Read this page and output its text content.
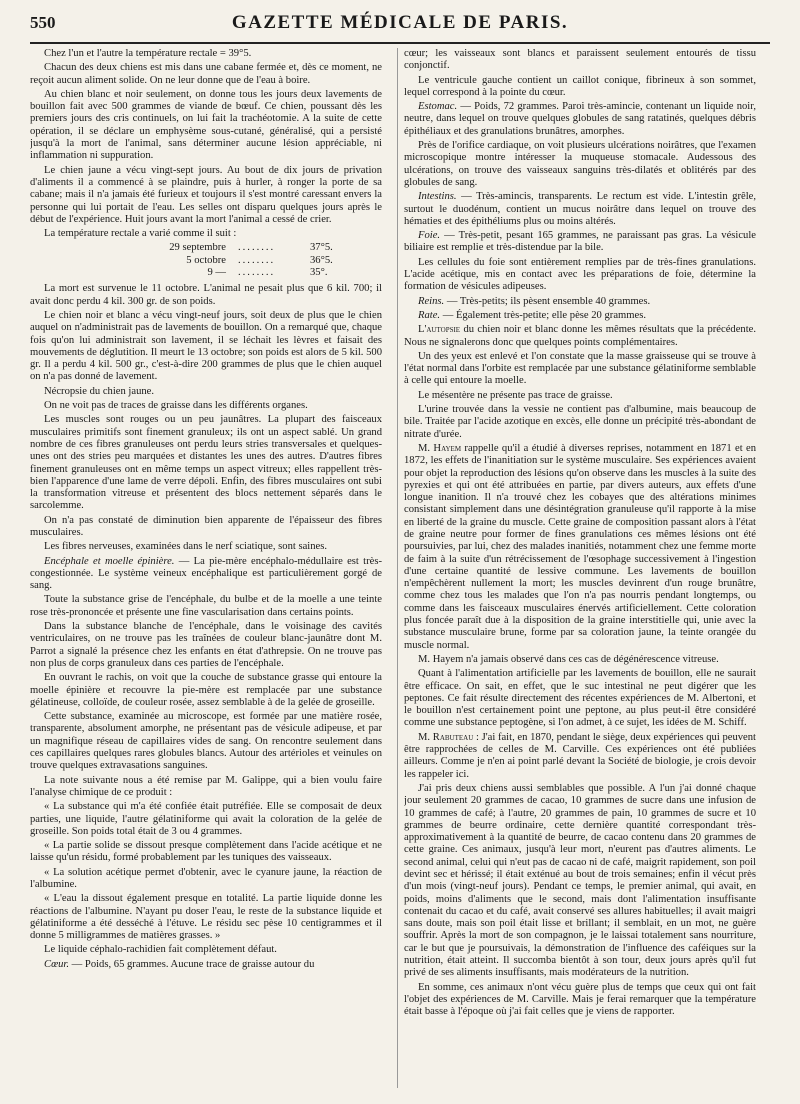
550	GAZETTE MÉDICALE DE PARIS.

Chez l'un et l'autre la température rectale = 39°5.

Chacun des deux chiens est mis dans une cabane fermée et, dès ce moment, ne reçoit aucun aliment solide. On ne leur donne que de l'eau à boire.

Au chien blanc et noir seulement, on donne tous les jours deux lavements de bouillon fait avec 500 grammes de viande de bœuf. Ce chien, poussant dès les premiers jours des cris continuels, on lui fait la trachéotomie. A la suite de cette opération, il se déclare un emphysème sous-cutané, généralisé, qui a persisté jusqu'à la mort de l'animal, sans déterminer aucune lésion appréciable, ni inflammation ni suppuration.

Le chien jaune a vécu vingt-sept jours. Au bout de dix jours de privation d'aliments il a commencé à se plaindre, puis à hurler, à ronger la porte de sa cabane; mais il n'a jamais été furieux et toujours il s'est montré caressant envers la personne qui lui portait de l'eau. Les selles ont disparu quelques jours après le début de l'expérience. Huit jours avant la mort l'animal a cessé de crier.

La température rectale a varié comme il suit :

29 septembre	........	37°5.
5 octobre	........	36°5.
9 —	........	35°.

La mort est survenue le 11 octobre. L'animal ne pesait plus que 6 kil. 700; il avait donc perdu 4 kil. 300 gr. de son poids.

Le chien noir et blanc a vécu vingt-neuf jours, soit deux de plus que le chien auquel on n'administrait pas de lavements de bouillon. On a remarqué que, chaque fois qu'on lui administrait son lavement, il se léchait les lèvres et faisait des mouvements de déglutition. Il meurt le 13 octobre; son poids est alors de 5 kil. 500 gr. Il a perdu 4 kil. 500 gr., c'est-à-dire 200 grammes de plus que le chien auquel on n'a pas donné de lavement.

Nécropsie du chien jaune.

On ne voit pas de traces de graisse dans les différents organes.

Les muscles sont rouges ou un peu jaunâtres. La plupart des faisceaux musculaires primitifs sont finement granuleux; ils ont un aspect sablé. Un grand nombre de ces fibres granuleuses ont perdu leurs stries transversales et quelques-unes ont des stries peu marquées et distantes les unes des autres. D'autres fibres finement granuleuses ont en même temps un aspect vitreux; elles rappellent très-bien l'apparence d'une lame de verre dépoli. Enfin, des fibres musculaires ont subi la transformation vitreuse et présentent des blocs nettement séparés dans le sarcolemme.

On n'a pas constaté de diminution bien apparente de l'épaisseur des fibres musculaires.

Les fibres nerveuses, examinées dans le nerf sciatique, sont saines.

Encéphale et moelle épinière. — La pie-mère encéphalo-médullaire est très-congestionnée. Le système veineux encéphalique est particulièrement gorgé de sang.

Toute la substance grise de l'encéphale, du bulbe et de la moelle a une teinte rose très-prononcée et présente une fine vascularisation dans certains points.

Dans la substance blanche de l'encéphale, dans le voisinage des cavités ventriculaires, on ne trouve pas les traînées de couleur blanc-jaunâtre dont M. Parrot a signalé la présence chez les enfants en état d'athrepsie. On ne trouve pas non plus de corps granuleux dans ces parties de l'encéphale.

En ouvrant le rachis, on voit que la couche de substance grasse qui entoure la moelle épinière et recouvre la pie-mère est remplacée par une substance gélatineuse, colloïde, de couleur rosée, assez semblable à de la gelée de groseille.

Cette substance, examinée au microscope, est formée par une matière rosée, transparente, absolument amorphe, ne présentant pas de vésicule adipeuse, et par un magnifique réseau de capillaires vides de sang. On rencontre seulement dans ces capillaires quelques rares globules blancs. Autour des artérioles et veinules on trouve quelques extravasations sanguines.

La note suivante nous a été remise par M. Galippe, qui a bien voulu faire l'analyse chimique de ce produit :

« La substance qui m'a été confiée était putréfiée. Elle se composait de deux parties, une liquide, l'autre gélatiniforme qui avait la coloration de la gelée de groseille. Son poids total était de 3 ou 4 grammes.

« La partie solide se dissout presque complètement dans l'acide acétique et ne laisse qu'un résidu, formé probablement par les tuniques des vaisseaux.

« La solution acétique permet d'obtenir, avec le cyanure jaune, la réaction de l'albumine.

« L'eau la dissout également presque en totalité. La partie liquide donne les réactions de l'albumine. N'ayant pu doser l'eau, le reste de la substance liquide et gélatiniforme a été desséché à l'étuve. Le résidu sec pèse 10 centigrammes et il donne 5 milligrammes de matières grasses. »

Le liquide céphalo-rachidien fait complètement défaut.

Cœur. — Poids, 65 grammes. Aucune trace de graisse autour du

cœur; les vaisseaux sont blancs et paraissent seulement entourés de tissu conjonctif.

Le ventricule gauche contient un caillot conique, fibrineux à son sommet, lequel correspond à la pointe du cœur.

Estomac. — Poids, 72 grammes. Paroi très-amincie, contenant un liquide noir, neutre, dans lequel on trouve quelques globules de sang ratatinés, quelques débris épithéliaux et des granulations brunâtres, amorphes.

Près de l'orifice cardiaque, on voit plusieurs ulcérations noirâtres, que l'examen microscopique montre intéresser la muqueuse stomacale. Audessous des ulcérations, on trouve des vaisseaux sanguins très-dilatés et oblitérés par des globules de sang.

Intestins. — Très-amincis, transparents. Le rectum est vide. L'intestin grêle, surtout le duodénum, contient un mucus noirâtre dans lequel on trouve des hématies et des épithéliums plus ou moins altérés.

Foie. — Très-petit, pesant 165 grammes, ne paraissant pas gras. La vésicule biliaire est remplie et très-distendue par la bile.

Les cellules du foie sont entièrement remplies par de très-fines granulations. L'acide acétique, mis en contact avec les préparations de foie, détermine la formation de vésicules adipeuses.

Reins. — Très-petits; ils pèsent ensemble 40 grammes.

Rate. — Également très-petite; elle pèse 20 grammes.

L'autopsie du chien noir et blanc donne les mêmes résultats que la précédente. Nous ne signalerons donc que quelques points complémentaires.

Un des yeux est enlevé et l'on constate que la masse graisseuse qui se trouve à l'état normal dans l'orbite est remplacée par une substance gélatiniforme semblable à celle qui entoure la moelle.

Le mésentère ne présente pas trace de graisse.

L'urine trouvée dans la vessie ne contient pas d'albumine, mais beaucoup de bile. Traitée par l'acide azotique en excès, elle donne un précipité très-abondant de nitrate d'urée.

M. Hayem rappelle qu'il a étudié à diverses reprises, notamment en 1871 et en 1872, les effets de l'inanitiation sur le système musculaire. Ses expériences avaient pour objet la reproduction des lésions qu'on observe dans les muscles à la suite des pyrexies et qui ont été attribuées en partie, par divers auteurs, aux effets d'une longue inanition. Il n'a trouvé chez les cobayes que des altérations minimes consistant simplement dans une désintégration granuleuse qu'il rapporte à la mise en liberté de la graine du muscle. Cette graine de composition passant alors à l'état de graine neutre pour former de fines granulations ces mêmes lésions ont été poursuivies, par lui, chez des malades inanitiés, notamment chez une femme morte de faim à la suite d'un rétrécissement de l'œsophage successivement à l'ingestion d'une certaine quantité de lessive commune. Les lavements de bouillon n'empêchèrent nullement la mort; les muscles devinrent d'un rouge brunâtre, comme chez tous les malades que l'on n'a pas nourris pendant longtemps, ou comme dans les faisceaux musculaires énervés artificiellement. Cette coloration plus foncée paraît due à la disposition de la graine interstitielle qui, unie avec la substance musculaire brune, forme par sa coloration jaune, la teinte orangée du muscle normal.

M. Hayem n'a jamais observé dans ces cas de dégénérescence vitreuse.

Quant à l'alimentation artificielle par les lavements de bouillon, elle ne saurait être efficace. On sait, en effet, que le suc intestinal ne peut digérer que les peptones. Ce fait résulte directement des récentes expériences de M. Albertoni, et le bouillon n'est certainement point une peptone, au plus peut-il être considéré comme une substance peptogène, si l'on admet, à ce sujet, les idées de M. Schiff.

M. Rabuteau : J'ai fait, en 1870, pendant le siège, deux expériences qui peuvent être rapprochées de celles de M. Carville. Ces expériences ont été publiées ailleurs. Comme je n'en ai point parlé devant la Société de biologie, je crois devoir les rappeler ici.

J'ai pris deux chiens aussi semblables que possible. A l'un j'ai donné chaque jour seulement 20 grammes de cacao, 10 grammes de sucre dans une infusion de 10 grammes de café; à l'autre, 20 grammes de pain, 10 grammes de sucre et 10 grammes de beurre ordinaire, cette dernière quantité correspondant très-approximativement à la quantité de beurre, de cacao contenu dans 20 grammes de cette graine. Ces animaux, jusqu'à leur mort, n'eurent pas d'autres aliments. Le second animal, celui qui n'eut pas de cacao ni de café, maigrit rapidement, son poil devint sec et hérissé; il était exténué au bout de trois semaines; enfin il vécut près d'un mois (vingt-neuf jours). Pendant ce temps, le premier animal, qui avait, en poids, moins d'aliments que le second, mais dont l'alimentation insuffisante contenait du cacao et du café, avait conservé ses allures habituelles; il avait maigri sans doute, mais son poil était lisse et brillant; il semblait, en un mot, ne guère souffrir. Après la mort de son compagnon, je le laissai totalement sans nourriture, car le but que je poursuivais, la démonstration de l'influence des caféiques sur la nutrition, était atteint. Il succomba bientôt à son tour, deux jours après qu'il fut privé de ses aliments insuffisants, mais modérateurs de la nutrition.

En somme, ces animaux n'ont vécu guère plus de temps que ceux qui ont fait l'objet des expériences de M. Carville. Mais je ferai remarquer que la température était basse à l'époque où j'ai fait celles que je viens de rapporter.
